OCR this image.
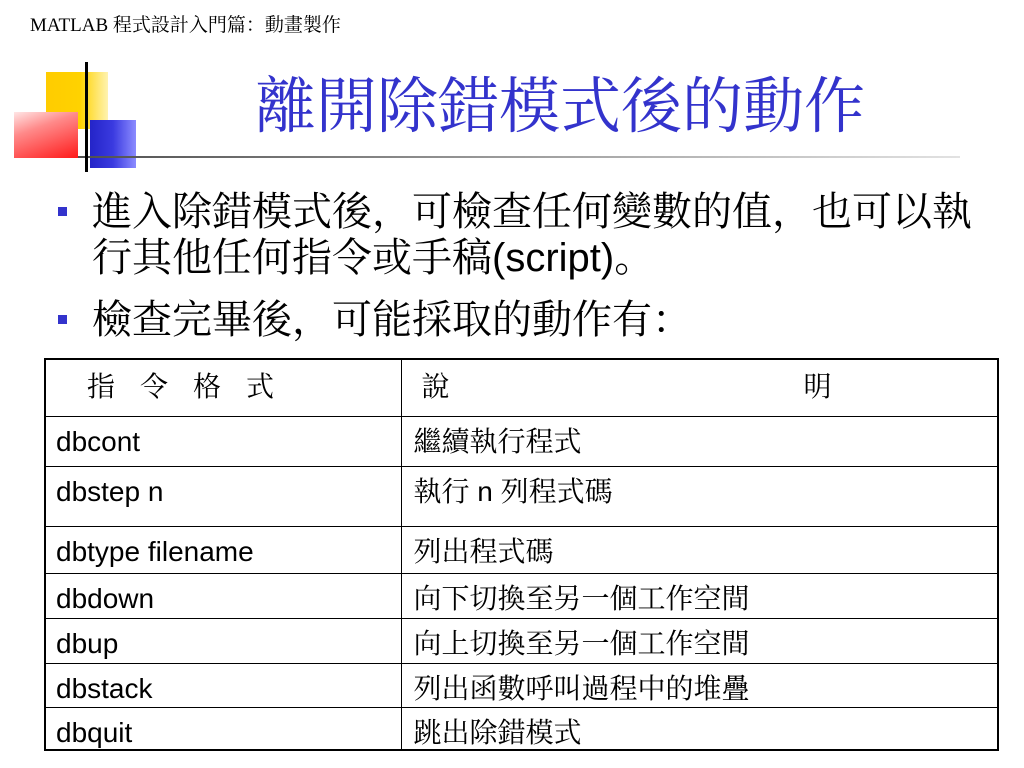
MATLAB 程式設計入門篇：動畫製作
離開除錯模式後的動作
進入除錯模式後，可檢查任何變數的值，也可以執行其他任何指令或手稿(script)。
檢查完畢後，可能採取的動作有：
指 令 格 式	說 明

dbcont	繼續執行程式
dbstep n	執行 n 列程式碼
dbtype filename	列出程式碼
dbdown	向下切換至另一個工作空間
dbup	向上切換至另一個工作空間
dbstack	列出函數呼叫過程中的堆疊
dbquit	跳出除錯模式
